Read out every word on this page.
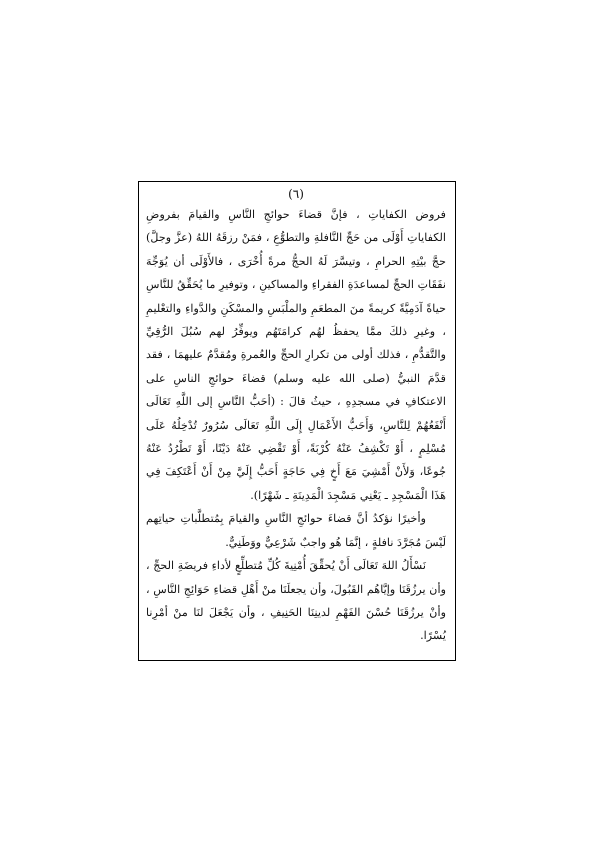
(٦)

فروض الكفاياتِ ، فإنَّ قضاءَ حوائجِ النَّاسِ والقيامَ بفروضِ الكفاياتِ أَوْلَى من حَجِّ النَّافلةِ والتطوُّعِ ، فمَنْ رزقَهُ اللهُ (عزَّ وجلَّ) حجَّ بيْتِهِ الحرامِ ، وتيسَّرَ لَهُ الحجُّ مرةً أُخْرَى ، فالأَوْلَى أن يُوَجِّهَ نفَقَاتِ الحجِّ لمساعدَةِ الفقراءِ والمساكينِ ، وتوفيرِ ما يُحَقِّقُ للنَّاسِ حياةً آدَمِيَّةً كريمةً منَ المطعَمِ والملْبَسِ والمسْكَنِ والدَّواءِ والتعْليمِ ، وغيرِ ذلكَ ممَّا يحفظُ لهُم كرامَتَهُم ويوفِّرُ لهم سُبُلَ الرُّقِيِّ والتَّقدُّمِ ، فذلك أولى من تكرارِ الحجِّ والعُمرةِ ومُقدَّمٌ عليهمَا ، فقد قدَّمَ النبيُّ (صلى الله عليه وسلم) قضاءَ حوائجِ الناسِ على الاعتكافِ في مسجدِهِ ، حيثُ قالَ : (أحَبُّ النَّاسِ إلى اللَّهِ تَعَالَى أَنْفَعُهُمْ لِلنَّاسِ، وَأَحَبُّ الأَعْمَالِ إِلَى اللَّهِ تَعَالَى سُرُورٌ تُدْخِلُهُ عَلَى مُسْلِمٍ ، أَوْ تَكْشِفُ عَنْهُ كُرْبَةً، أَوْ تَقْضِي عَنْهُ دَيْنًا، أَوْ تَطْرُدُ عَنْهُ جُوعًا، وَلأَنْ أَمْشِيَ مَعَ أَخٍ فِي حَاجَةٍ أَحَبُّ إِلَيَّ مِنْ أَنْ أَعْتَكِفَ فِي هَذَا الْمَسْجِدِ ـ يَعْنِي مَسْجِدَ الْمَدِينَةِ ـ شَهْرًا).

وأخيرًا نؤكدُ أنَّ قضاءَ حوائجِ النَّاسِ والقيامَ بِمُتطلَّباتِ حياتِهم لَيْسَ مُجَرَّدَ نافلةٍ ، إنَّمَا هُو واجبٌ شَرْعِيٌّ ووَطَنِيٌّ.

نَسْأَلُ اللهَ تَعَالَى أَنْ يُحقِّقَ أُمْنِيةَ كُلِّ مُتطلِّعٍ لأداءِ فريضَةِ الحجِّ ، وأن يرزُقَنَا وإيَّاهُم القَبُولَ، وأن يجعلَنَا منْ أَهْلِ قضاءِ حَوَائِجِ النَّاسِ ، وأنْ يرزُقَنَا حُسْنَ الفَهْمِ لدينِنَا الحَنِيفِ ، وأن يَجْعَلَ لنَا منْ أمْرِنا يُسْرًا.
